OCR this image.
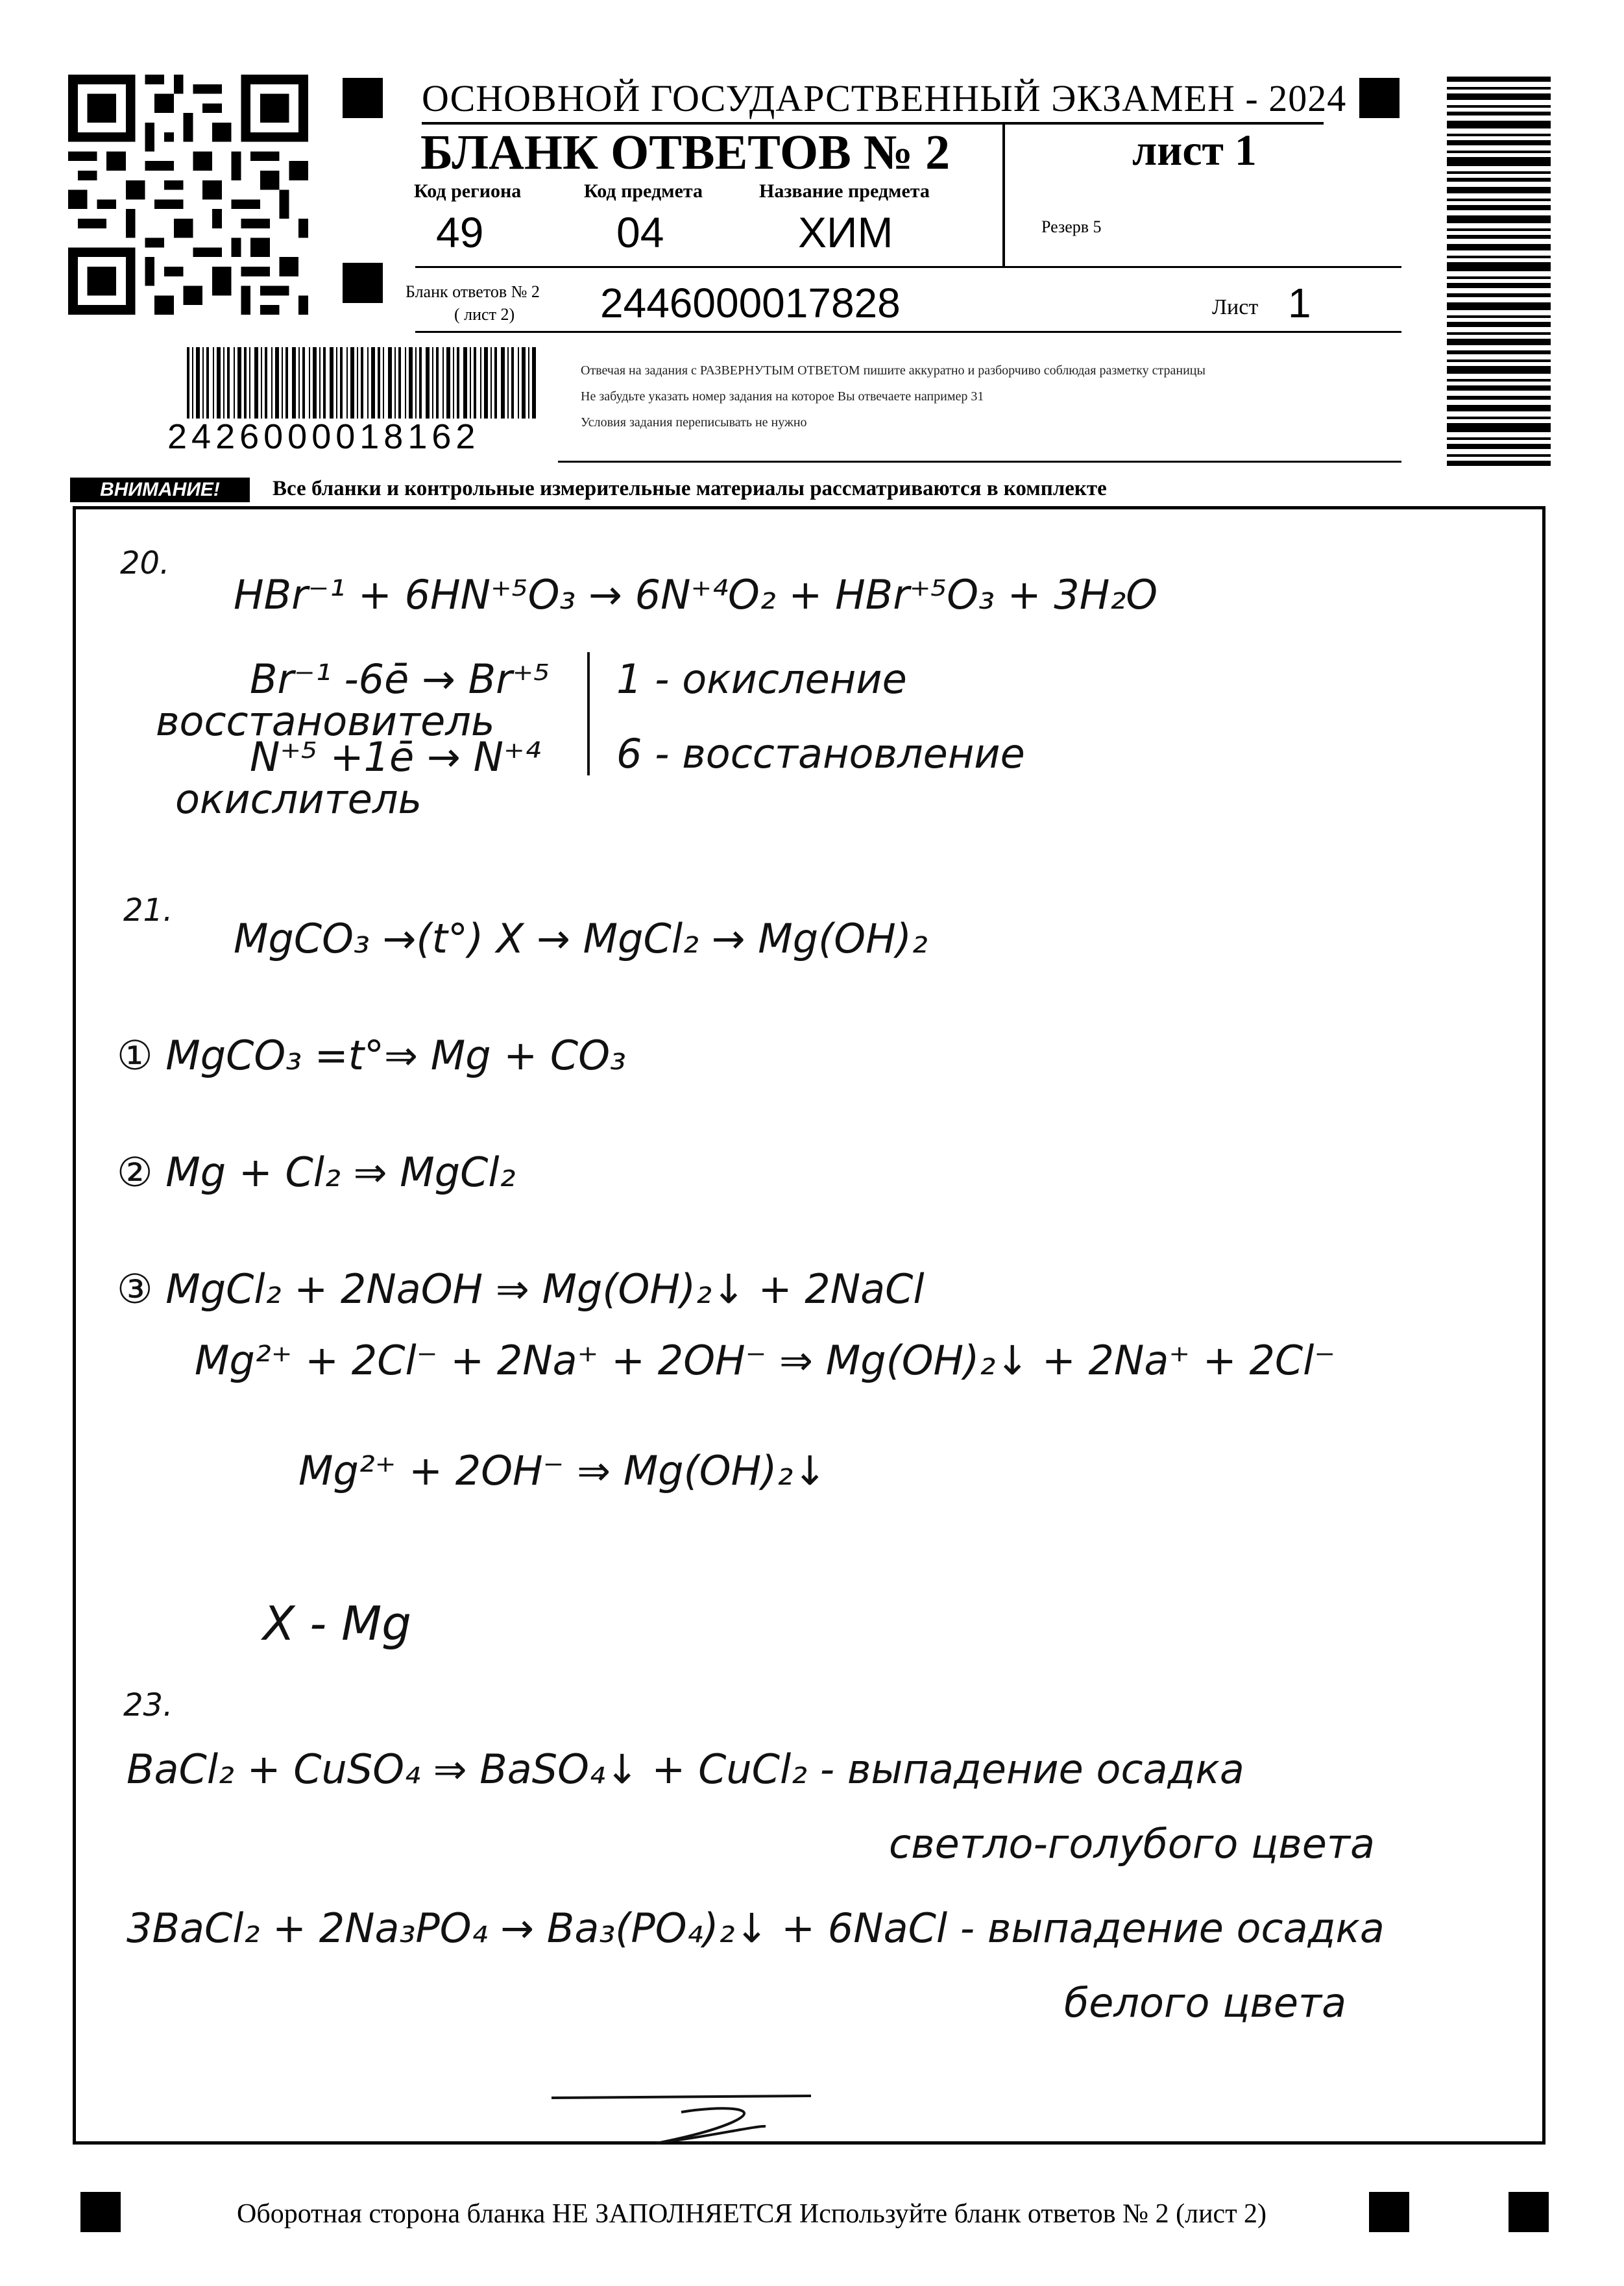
ОСНОВНОЙ ГОСУДАРСТВЕННЫЙ ЭКЗАМЕН - 2024
БЛАНК ОТВЕТОВ № 2	лист 1
Код региона
49
Код предмета
04
Название предмета
ХИМ	Резерв 5
Бланк ответов № 2
( лист 2) 2446000017828	Лист 1
2426000018162
Отвечая на задания с РАЗВЕРНУТЫМ ОТВЕТОМ пишите аккуратно и разборчиво соблюдая разметку страницы
Не забудьте указать номер задания на которое Вы отвечаете например 31
Условия задания переписывать не нужно
ВНИМАНИЕ!	Все бланки и контрольные измерительные материалы рассматриваются в комплекте
20.
HBr⁻¹ + 6HN⁺⁵O₃ → 6N⁺⁴O₂ + HBr⁺⁵O₃ + 3H₂O
Br⁻¹ -6ē → Br⁺⁵
восстановитель
N⁺⁵ +1ē → N⁺⁴
окислитель
1 - окисление
6 - восстановление
21.
MgCO₃ →(t°) X → MgCl₂ → Mg(OH)₂
① MgCO₃ =t°⇒ Mg + CO₃
② Mg + Cl₂ ⇒ MgCl₂
③ MgCl₂ + 2NaOH ⇒ Mg(OH)₂↓ + 2NaCl
Mg²⁺ + 2Cl⁻ + 2Na⁺ + 2OH⁻ ⇒ Mg(OH)₂↓ + 2Na⁺ + 2Cl⁻
Mg²⁺ + 2OH⁻ ⇒ Mg(OH)₂↓
X - Mg
23.
BaCl₂ + CuSO₄ ⇒ BaSO₄↓ + CuCl₂ - выпадение осадка
светло-голубого цвета
3BaCl₂ + 2Na₃PO₄ → Ba₃(PO₄)₂↓ + 6NaCl - выпадение осадка
белого цвета
Оборотная сторона бланка НЕ ЗАПОЛНЯЕТСЯ Используйте бланк ответов № 2 (лист 2)
